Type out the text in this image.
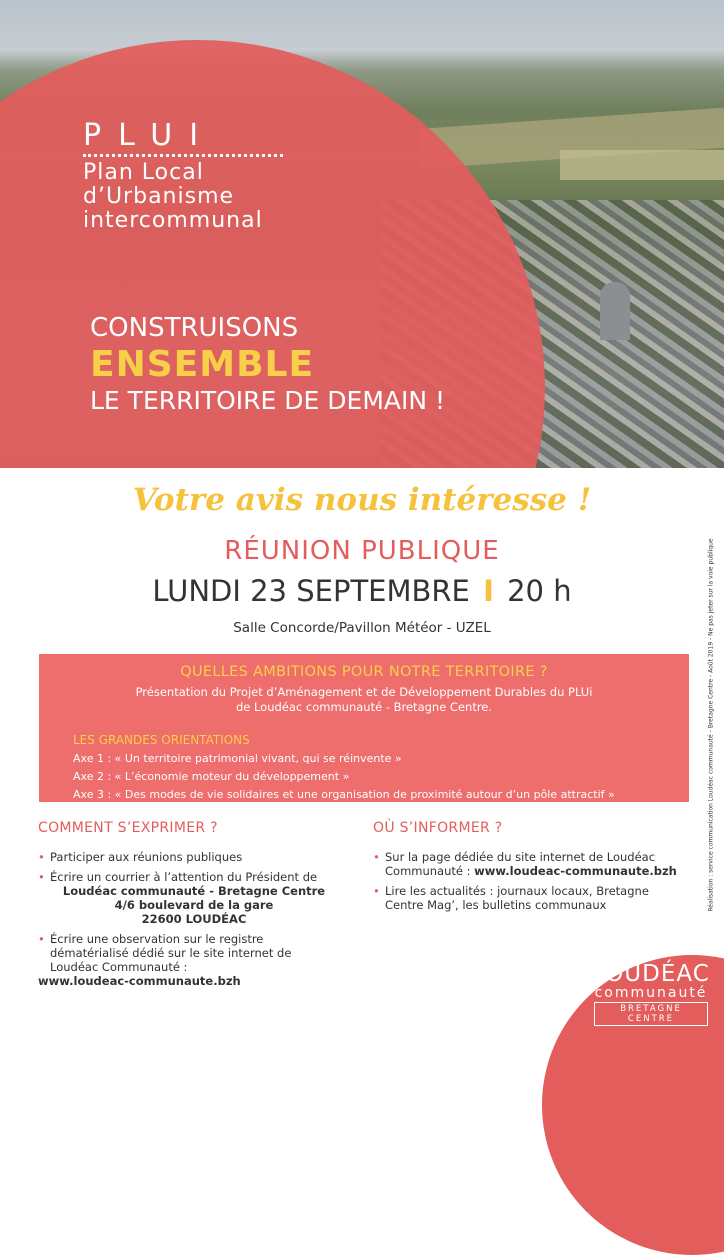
PLUI
Plan Local
d’Urbanisme
intercommunal
CONSTRUISONS
ENSEMBLE
LE TERRITOIRE DE DEMAIN !
Votre avis nous intéresse !
RÉUNION PUBLIQUE
LUNDI 23 SEPTEMBRE I 20 h
Salle Concorde/Pavillon Météor - UZEL
QUELLES AMBITIONS POUR NOTRE TERRITOIRE ?
Présentation du Projet d’Aménagement et de Développement Durables du PLUi
de Loudéac communauté - Bretagne Centre.
LES GRANDES ORIENTATIONS
Axe 1 : « Un territoire patrimonial vivant, qui se réinvente »
Axe 2 : « L’économie moteur du développement »
Axe 3 : « Des modes de vie solidaires et une organisation de proximité autour d’un pôle attractif »
COMMENT S’EXPRIMER ?
• Participer aux réunions publiques
• Écrire un courrier à l’attention du Président de
Loudéac communauté - Bretagne Centre
4/6 boulevard de la gare
22600 LOUDÉAC
• Écrire une observation sur le registre dématérialisé dédié sur le site internet de Loudéac Communauté :
www.loudeac-communaute.bzh
OÙ S’INFORMER ?
• Sur la page dédiée du site internet de Loudéac Communauté : www.loudeac-communaute.bzh
• Lire les actualités : journaux locaux, Bretagne Centre Mag’, les bulletins communaux	Réalisation : service communication Loudéac communauté - Bretagne Centre - Août 2019 - Ne pas jeter sur la voie publique
LOUDÉAC
communauté
BRETAGNE CENTRE
